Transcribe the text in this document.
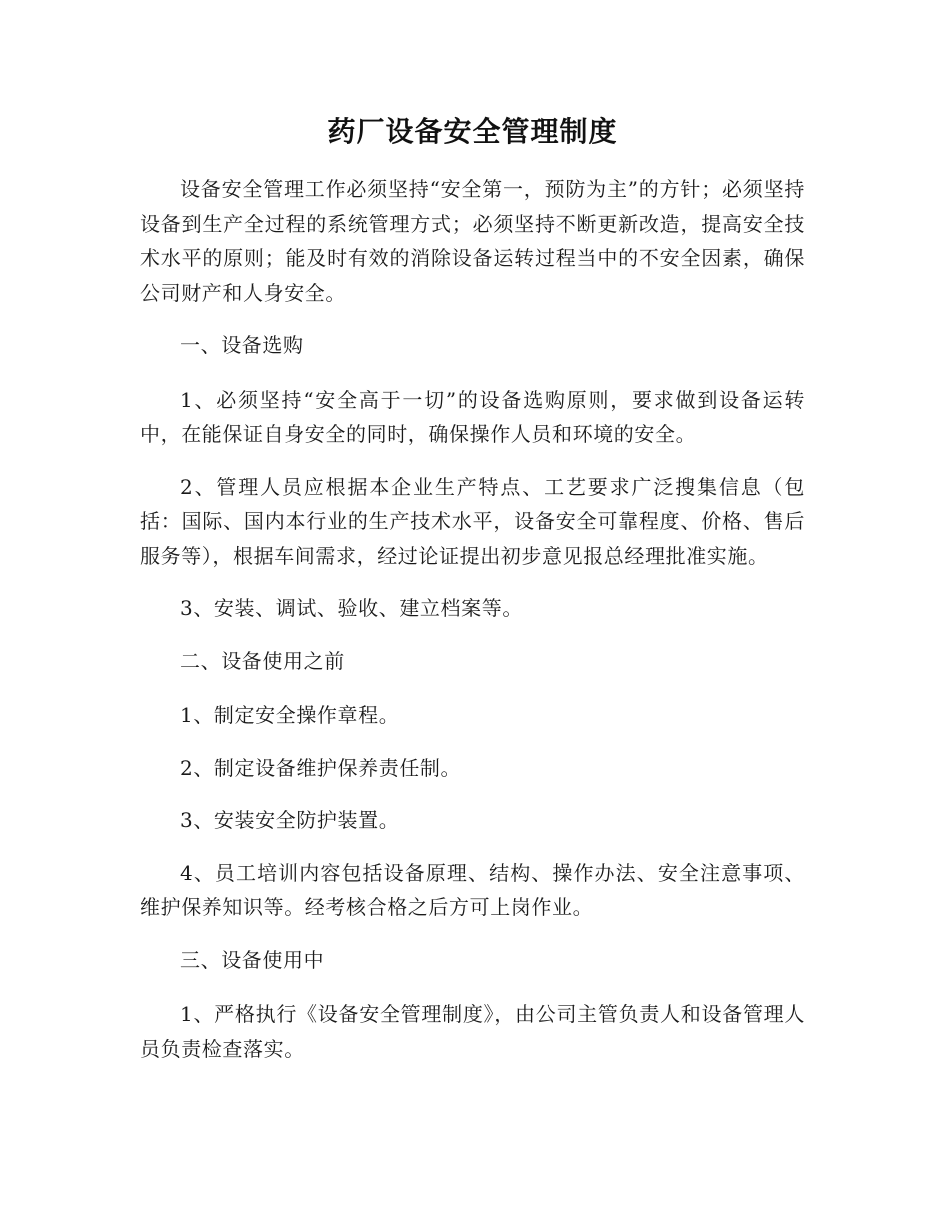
药厂设备安全管理制度

设备安全管理工作必须坚持“安全第一，预防为主”的方针；必须坚持设备到生产全过程的系统管理方式；必须坚持不断更新改造，提高安全技术水平的原则；能及时有效的消除设备运转过程当中的不安全因素，确保公司财产和人身安全。

一、设备选购

1、必须坚持“安全高于一切”的设备选购原则，要求做到设备运转中，在能保证自身安全的同时，确保操作人员和环境的安全。

2、管理人员应根据本企业生产特点、工艺要求广泛搜集信息（包括：国际、国内本行业的生产技术水平，设备安全可靠程度、价格、售后服务等），根据车间需求，经过论证提出初步意见报总经理批准实施。

3、安装、调试、验收、建立档案等。

二、设备使用之前

1、制定安全操作章程。

2、制定设备维护保养责任制。

3、安装安全防护装置。

4、员工培训内容包括设备原理、结构、操作办法、安全注意事项、维护保养知识等。经考核合格之后方可上岗作业。

三、设备使用中

1、严格执行《设备安全管理制度》，由公司主管负责人和设备管理人员负责检查落实。
